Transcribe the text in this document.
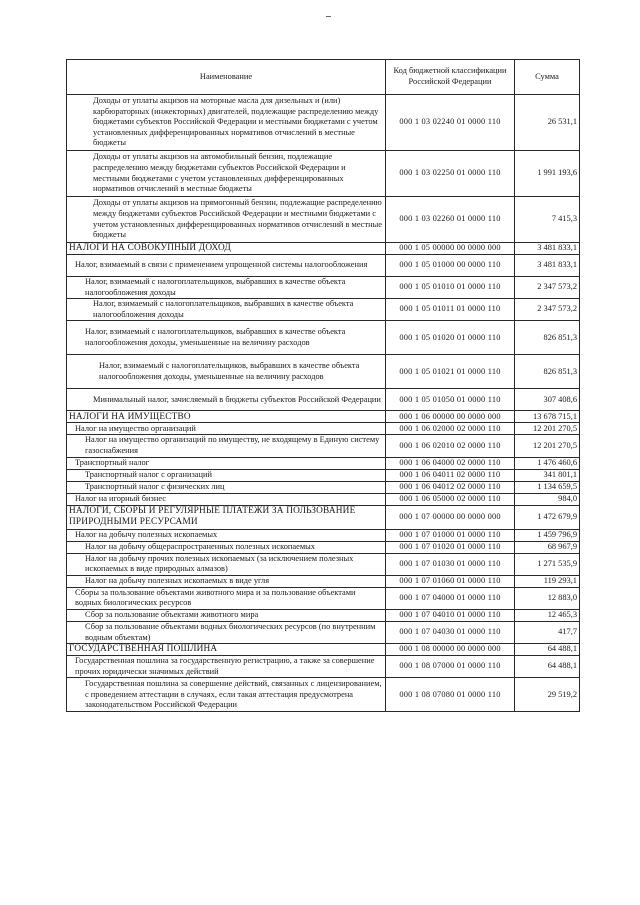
Наименование	Код бюджетной классификации Российской Федерации	Сумма
Доходы от уплаты акцизов на моторные масла для дизельных и (или) карбюраторных (инжекторных) двигателей, подлежащие распределению между бюджетами субъектов Российской Федерации и местными бюджетами с учетом установленных дифференцированных нормативов отчислений в местные бюджеты	000 1 03 02240 01 0000 110	26 531,1
Доходы от уплаты акцизов на автомобильный бензин, подлежащие распределению между бюджетами субъектов Российской Федерации и местными бюджетами с учетом установленных дифференцированных нормативов отчислений в местные бюджеты	000 1 03 02250 01 0000 110	1 991 193,6
Доходы от уплаты акцизов на прямогонный бензин, подлежащие распределению между бюджетами субъектов Российской Федерации и местными бюджетами с учетом установленных дифференцированных нормативов отчислений в местные бюджеты	000 1 03 02260 01 0000 110	7 415,3
НАЛОГИ НА СОВОКУПНЫЙ ДОХОД	000 1 05 00000 00 0000 000	3 481 833,1
Налог, взимаемый в связи с применением упрощенной системы налогообложения	000 1 05 01000 00 0000 110	3 481 833,1
Налог, взимаемый с налогоплательщиков, выбравших в качестве объекта налогообложения доходы	000 1 05 01010 01 0000 110	2 347 573,2
Налог, взимаемый с налогоплательщиков, выбравших в качестве объекта налогообложения доходы	000 1 05 01011 01 0000 110	2 347 573,2
Налог, взимаемый с налогоплательщиков, выбравших в качестве объекта налогообложения доходы, уменьшенные на величину расходов	000 1 05 01020 01 0000 110	826 851,3
Налог, взимаемый с налогоплательщиков, выбравших в качестве объекта налогообложения доходы, уменьшенные на величину расходов	000 1 05 01021 01 0000 110	826 851,3
Минимальный налог, зачисляемый в бюджеты субъектов Российской Федерации	000 1 05 01050 01 0000 110	307 408,6
НАЛОГИ НА ИМУЩЕСТВО	000 1 06 00000 00 0000 000	13 678 715,1
Налог на имущество организаций	000 1 06 02000 02 0000 110	12 201 270,5
Налог на имущество организаций по имуществу, не входящему в Единую систему газоснабжения	000 1 06 02010 02 0000 110	12 201 270,5
Транспортный налог	000 1 06 04000 02 0000 110	1 476 460,6
Транспортный налог с организаций	000 1 06 04011 02 0000 110	341 801,1
Транспортный налог с физических лиц	000 1 06 04012 02 0000 110	1 134 659,5
Налог на игорный бизнес	000 1 06 05000 02 0000 110	984,0
НАЛОГИ, СБОРЫ И РЕГУЛЯРНЫЕ ПЛАТЕЖИ ЗА ПОЛЬЗОВАНИЕ ПРИРОДНЫМИ РЕСУРСАМИ	000 1 07 00000 00 0000 000	1 472 679,9
Налог на добычу полезных ископаемых	000 1 07 01000 01 0000 110	1 459 796,9
Налог на добычу общераспространенных полезных ископаемых	000 1 07 01020 01 0000 110	68 967,9
Налог на добычу прочих полезных ископаемых (за исключением полезных ископаемых в виде природных алмазов)	000 1 07 01030 01 0000 110	1 271 535,9
Налог на добычу полезных ископаемых в виде угля	000 1 07 01060 01 0000 110	119 293,1
Сборы за пользование объектами животного мира и за пользование объектами водных биологических ресурсов	000 1 07 04000 01 0000 110	12 883,0
Сбор за пользование объектами животного мира	000 1 07 04010 01 0000 110	12 465,3
Сбор за пользование объектами водных биологических ресурсов (по внутренним водным объектам)	000 1 07 04030 01 0000 110	417,7
ГОСУДАРСТВЕННАЯ ПОШЛИНА	000 1 08 00000 00 0000 000	64 488,1
Государственная пошлина за государственную регистрацию, а также за совершение прочих юридически значимых действий	000 1 08 07000 01 0000 110	64 488,1
Государственная пошлина за совершение действий, связанных с лицензированием, с проведением аттестации в случаях, если такая аттестация предусмотрена законодательством Российской Федерации	000 1 08 07080 01 0000 110	29 519,2
